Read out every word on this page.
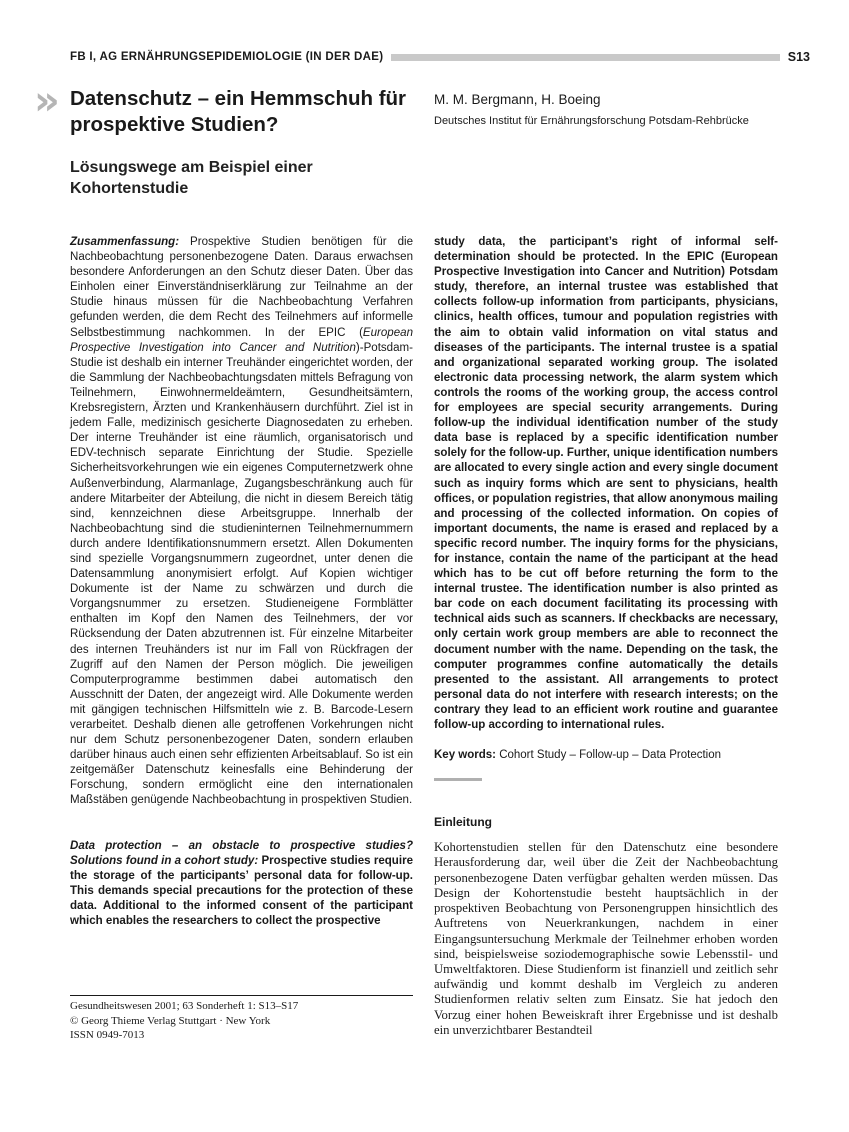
FB I, AG ERNÄHRUNGSEPIDEMIOLOGIE (IN DER DAE)	S13
» Datenschutz – ein Hemmschuh für prospektive Studien?
Lösungswege am Beispiel einer Kohortenstudie
M. M. Bergmann, H. Boeing
Deutsches Institut für Ernährungsforschung Potsdam-Rehbrücke

Zusammenfassung: Prospektive Studien benötigen für die Nachbeobachtung personenbezogene Daten. Daraus erwachsen besondere Anforderungen an den Schutz dieser Daten. Über das Einholen einer Einverständniserklärung zur Teilnahme an der Studie hinaus müssen für die Nachbeobachtung Verfahren gefunden werden, die dem Recht des Teilnehmers auf informelle Selbstbestimmung nachkommen. In der EPIC (European Prospective Investigation into Cancer and Nutrition)-Potsdam-Studie ist deshalb ein interner Treuhänder eingerichtet worden, der die Sammlung der Nachbeobachtungsdaten mittels Befragung von Teilnehmern, Einwohnermeldeämtern, Gesundheitsämtern, Krebsregistern, Ärzten und Krankenhäusern durchführt. Ziel ist in jedem Falle, medizinisch gesicherte Diagnosedaten zu erheben. Der interne Treuhänder ist eine räumlich, organisatorisch und EDV-technisch separate Einrichtung der Studie. Spezielle Sicherheitsvorkehrungen wie ein eigenes Computernetzwerk ohne Außenverbindung, Alarmanlage, Zugangsbeschränkung auch für andere Mitarbeiter der Abteilung, die nicht in diesem Bereich tätig sind, kennzeichnen diese Arbeitsgruppe. Innerhalb der Nachbeobachtung sind die studieninternen Teilnehmernummern durch andere Identifikationsnummern ersetzt. Allen Dokumenten sind spezielle Vorgangsnummern zugeordnet, unter denen die Datensammlung anonymisiert erfolgt. Auf Kopien wichtiger Dokumente ist der Name zu schwärzen und durch die Vorgangsnummer zu ersetzen. Studieneigene Formblätter enthalten im Kopf den Namen des Teilnehmers, der vor Rücksendung der Daten abzutrennen ist. Für einzelne Mitarbeiter des internen Treuhänders ist nur im Fall von Rückfragen der Zugriff auf den Namen der Person möglich. Die jeweiligen Computerprogramme bestimmen dabei automatisch den Ausschnitt der Daten, der angezeigt wird. Alle Dokumente werden mit gängigen technischen Hilfsmitteln wie z. B. Barcode-Lesern verarbeitet. Deshalb dienen alle getroffenen Vorkehrungen nicht nur dem Schutz personenbezogener Daten, sondern erlauben darüber hinaus auch einen sehr effizienten Arbeitsablauf. So ist ein zeitgemäßer Datenschutz keinesfalls eine Behinderung der Forschung, sondern ermöglicht eine den internationalen Maßstäben genügende Nachbeobachtung in prospektiven Studien.

Data protection – an obstacle to prospective studies? Solutions found in a cohort study: Prospective studies require the storage of the participants’ personal data for follow-up. This demands special precautions for the protection of these data. Additional to the informed consent of the participant which enables the researchers to collect the prospective

study data, the participant’s right of informal self-determination should be protected. In the EPIC (European Prospective Investigation into Cancer and Nutrition) Potsdam study, therefore, an internal trustee was established that collects follow-up information from participants, physicians, clinics, health offices, tumour and population registries with the aim to obtain valid information on vital status and diseases of the participants. The internal trustee is a spatial and organizational separated working group. The isolated electronic data processing network, the alarm system which controls the rooms of the working group, the access control for employees are special security arrangements. During follow-up the individual identification number of the study data base is replaced by a specific identification number solely for the follow-up. Further, unique identification numbers are allocated to every single action and every single document such as inquiry forms which are sent to physicians, health offices, or population registries, that allow anonymous mailing and processing of the collected information. On copies of important documents, the name is erased and replaced by a specific record number. The inquiry forms for the physicians, for instance, contain the name of the participant at the head which has to be cut off before returning the form to the internal trustee. The identification number is also printed as bar code on each document facilitating its processing with technical aids such as scanners. If checkbacks are necessary, only certain work group members are able to reconnect the document number with the name. Depending on the task, the computer programmes confine automatically the details presented to the assistant. All arrangements to protect personal data do not interfere with research interests; on the contrary they lead to an efficient work routine and guarantee follow-up according to international rules.

Key words: Cohort Study – Follow-up – Data Protection

Einleitung

Kohortenstudien stellen für den Datenschutz eine besondere Herausforderung dar, weil über die Zeit der Nachbeobachtung personenbezogene Daten verfügbar gehalten werden müssen. Das Design der Kohortenstudie besteht hauptsächlich in der prospektiven Beobachtung von Personengruppen hinsichtlich des Auftretens von Neuerkrankungen, nachdem in einer Eingangsuntersuchung Merkmale der Teilnehmer erhoben worden sind, beispielsweise soziodemographische sowie Lebensstil- und Umweltfaktoren. Diese Studienform ist finanziell und zeitlich sehr aufwändig und kommt deshalb im Vergleich zu anderen Studienformen relativ selten zum Einsatz. Sie hat jedoch den Vorzug einer hohen Beweiskraft ihrer Ergebnisse und ist deshalb ein unverzichtbarer Bestandteil

Gesundheitswesen 2001; 63 Sonderheft 1: S13–S17
© Georg Thieme Verlag Stuttgart · New York
ISSN 0949-7013
